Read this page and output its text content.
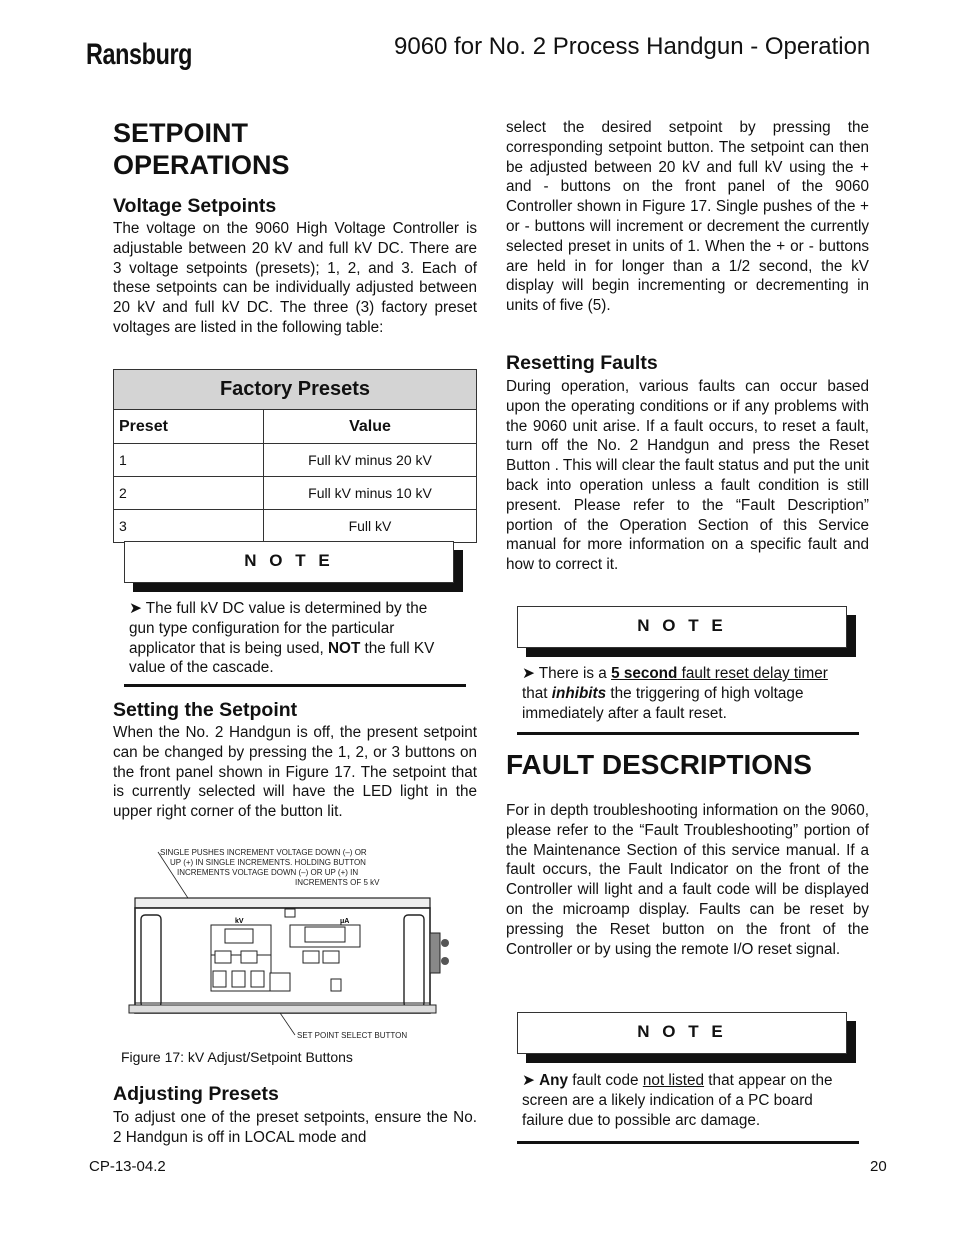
Ransburg	9060 for No. 2 Process Handgun - Operation
SETPOINT
OPERATIONS
Voltage Setpoints

The voltage on the 9060 High Voltage Controller is adjustable between 20 kV and full kV DC. There are 3 voltage setpoints (presets); 1, 2, and 3. Each of these setpoints can be individually adjusted between 20 kV and full kV DC. The three (3) factory preset voltages are listed in the following table:

Factory Presets	
Preset	Value
1	Full kV minus 20 kV
2	Full kV minus 10 kV
3	Full kV
N O T E

➤ The full kV DC value is determined by the gun type configuration for the particular applicator that is being used, NOT the full KV value of the cascade.

Setting the Setpoint

When the No. 2 Handgun is off, the present setpoint can be changed by pressing the 1, 2, or 3 buttons on the front panel shown in Figure 17. The setpoint that is currently selected will have the LED light in the upper right corner of the button lit.

SINGLE PUSHES INCREMENT VOLTAGE DOWN (–) OR
UP (+) IN SINGLE INCREMENTS. HOLDING BUTTON
INCREMENTS VOLTAGE DOWN (–) OR UP (+) IN
INCREMENTS OF 5 kV
SET POINT SELECT BUTTON
kV	μA
Figure 17: kV Adjust/Setpoint Buttons
Adjusting Presets

To adjust one of the preset setpoints, ensure the No. 2 Handgun is off in LOCAL mode and

select the desired setpoint by pressing the corresponding setpoint button. The setpoint can then be adjusted between 20 kV and full kV using the + and - buttons on the front panel of the 9060 Controller shown in Figure 17. Single pushes of the + or - buttons will increment or decrement the currently selected preset in units of 1. When the + or - buttons are held in for longer than a 1/2 second, the kV display will begin incrementing or decrementing in units of five (5).

Resetting Faults

During operation, various faults can occur based upon the operating conditions or if any problems with the 9060 unit arise. If a fault occurs, to reset a fault, turn off the No. 2 Handgun and press the Reset Button . This will clear the fault status and put the unit back into operation unless a fault condition is still present. Please refer to the “Fault Description” portion of the Operation Section of this Service manual for more information on a specific fault and how to correct it.

N O T E

➤ There is a 5 second fault reset delay timer that inhibits the triggering of high voltage immediately after a fault reset.

FAULT DESCRIPTIONS

For in depth troubleshooting information on the 9060, please refer to the “Fault Troubleshooting” portion of the Maintenance Section of this service manual. If a fault occurs, the Fault Indicator on the front of the Controller will light and a fault code will be displayed on the microamp display. Faults can be reset by pressing the Reset button on the front of the Controller or by using the remote I/O reset signal.

N O T E

➤ Any fault code not listed that appear on the screen are a likely indication of a PC board failure due to possible arc damage.

CP-13-04.2	20
